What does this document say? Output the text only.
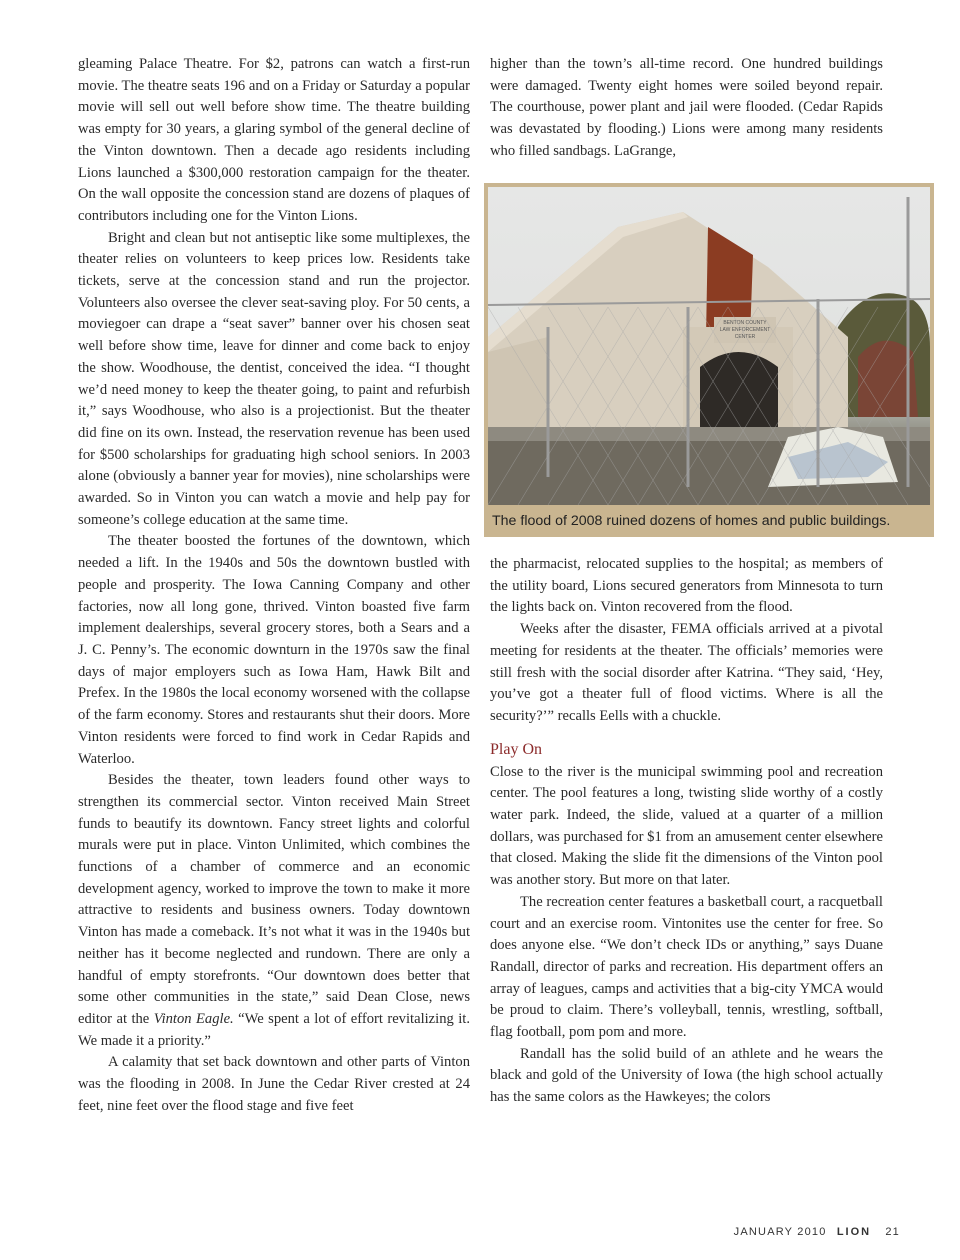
gleaming Palace Theatre. For $2, patrons can watch a first-run movie. The theatre seats 196 and on a Friday or Saturday a popular movie will sell out well before show time. The theatre building was empty for 30 years, a glaring symbol of the general decline of the Vinton downtown. Then a decade ago residents including Lions launched a $300,000 restoration campaign for the theater. On the wall opposite the concession stand are dozens of plaques of contributors including one for the Vinton Lions.

Bright and clean but not antiseptic like some multiplexes, the theater relies on volunteers to keep prices low. Residents take tickets, serve at the concession stand and run the projector. Volunteers also oversee the clever seat-saving ploy. For 50 cents, a moviegoer can drape a “seat saver” banner over his chosen seat well before show time, leave for dinner and come back to enjoy the show. Woodhouse, the dentist, conceived the idea. “I thought we’d need money to keep the theater going, to paint and refurbish it,” says Woodhouse, who also is a projectionist. But the theater did fine on its own. Instead, the reservation revenue has been used for $500 scholarships for graduating high school seniors. In 2003 alone (obviously a banner year for movies), nine scholarships were awarded. So in Vinton you can watch a movie and help pay for someone’s college education at the same time.

The theater boosted the fortunes of the downtown, which needed a lift. In the 1940s and 50s the downtown bustled with people and prosperity. The Iowa Canning Company and other factories, now all long gone, thrived. Vinton boasted five farm implement dealerships, several grocery stores, both a Sears and a J. C. Penny’s. The economic downturn in the 1970s saw the final days of major employers such as Iowa Ham, Hawk Bilt and Prefex. In the 1980s the local economy worsened with the collapse of the farm economy. Stores and restaurants shut their doors. More Vinton residents were forced to find work in Cedar Rapids and Waterloo.

Besides the theater, town leaders found other ways to strengthen its commercial sector. Vinton received Main Street funds to beautify its downtown. Fancy street lights and colorful murals were put in place. Vinton Unlimited, which combines the functions of a chamber of commerce and an economic development agency, worked to improve the town to make it more attractive to residents and business owners. Today downtown Vinton has made a comeback. It’s not what it was in the 1940s but neither has it become neglected and rundown. There are only a handful of empty storefronts. “Our downtown does better that some other communities in the state,” said Dean Close, news editor at the Vinton Eagle. “We spent a lot of effort revitalizing it. We made it a priority.”

A calamity that set back downtown and other parts of Vinton was the flooding in 2008. In June the Cedar River crested at 24 feet, nine feet over the flood stage and five feet

higher than the town’s all-time record. One hundred buildings were damaged. Twenty eight homes were soiled beyond repair. The courthouse, power plant and jail were flooded. (Cedar Rapids was devastated by flooding.) Lions were among many residents who filled sandbags. LaGrange,

BENTON COUNTY
LAW ENFORCEMENT
CENTER
The flood of 2008 ruined dozens of homes and public buildings.

the pharmacist, relocated supplies to the hospital; as members of the utility board, Lions secured generators from Minnesota to turn the lights back on. Vinton recovered from the flood.

Weeks after the disaster, FEMA officials arrived at a pivotal meeting for residents at the theater. The officials’ memories were still fresh with the social disorder after Katrina. “They said, ‘Hey, you’ve got a theater full of flood victims. Where is all the security?’” recalls Eells with a chuckle.

Play On

Close to the river is the municipal swimming pool and recreation center. The pool features a long, twisting slide worthy of a costly water park. Indeed, the slide, valued at a quarter of a million dollars, was purchased for $1 from an amusement center elsewhere that closed. Making the slide fit the dimensions of the Vinton pool was another story. But more on that later.

The recreation center features a basketball court, a racquetball court and an exercise room. Vintonites use the center for free. So does anyone else. “We don’t check IDs or anything,” says Duane Randall, director of parks and recreation. His department offers an array of leagues, camps and activities that a big-city YMCA would be proud to claim. There’s volleyball, tennis, wrestling, softball, flag football, pom pom and more.

Randall has the solid build of an athlete and he wears the black and gold of the University of Iowa (the high school actually has the same colors as the Hawkeyes; the colors

JANUARY 2010 LION 21
